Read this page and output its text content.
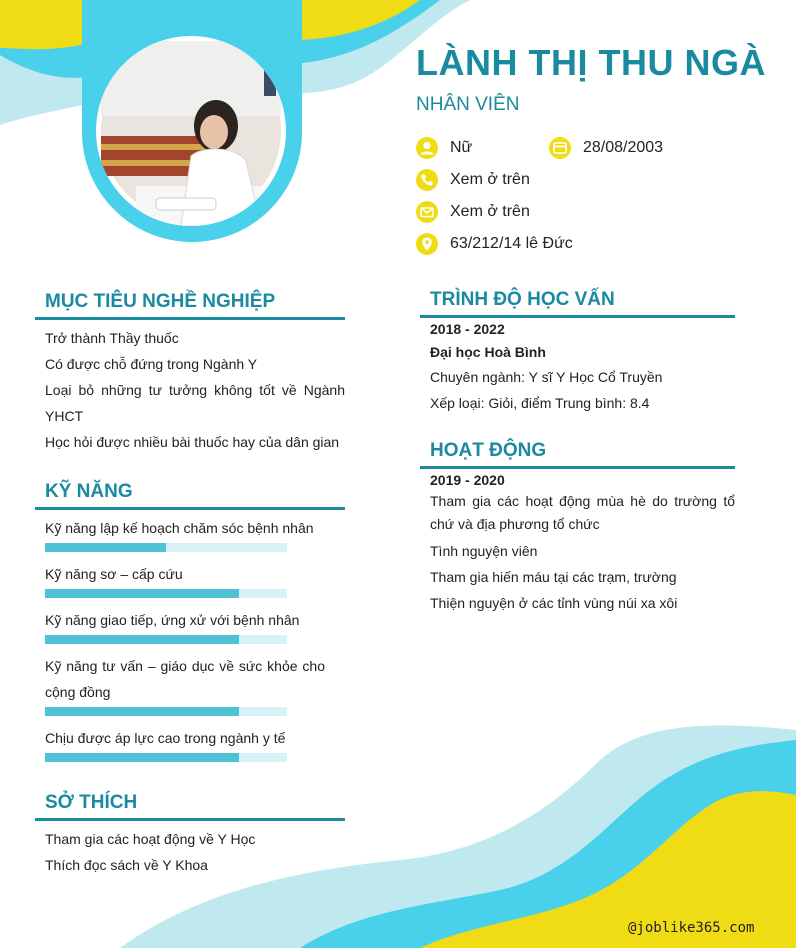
LÀNH THỊ THU NGÀ
NHÂN VIÊN
Nữ	28/08/2003
Xem ở trên
Xem ở trên
63/212/14 lê Đức
MỤC TIÊU NGHỀ NGHIỆP
Trở thành Thầy thuốc
Có được chỗ đứng trong Ngành Y
Loại bỏ những tư tưởng không tốt về Ngành YHCT
Học hỏi được nhiều bài thuốc hay của dân gian
KỸ NĂNG
Kỹ năng lập kế hoạch chăm sóc bệnh nhân
Kỹ năng sơ – cấp cứu
Kỹ năng giao tiếp, ứng xử với bệnh nhân
Kỹ năng tư vấn – giáo dục về sức khỏe cho cộng đồng
Chịu được áp lực cao trong ngành y tế
SỞ THÍCH
Tham gia các hoạt động về Y Học
Thích đọc sách về Y Khoa
TRÌNH ĐỘ HỌC VẤN
2018 - 2022
Đại học Hoà Bình
Chuyên ngành: Y sĩ Y Học Cổ Truyền
Xếp loại: Giỏi, điểm Trung bình: 8.4
HOẠT ĐỘNG
2019 - 2020
Tham gia các hoạt động mùa hè do trường tổ chứ và địa phương tổ chức
Tình nguyện viên
Tham gia hiến máu tại các trạm, trường
Thiện nguyện ở các tỉnh vùng núi xa xôi
@joblike365.com
